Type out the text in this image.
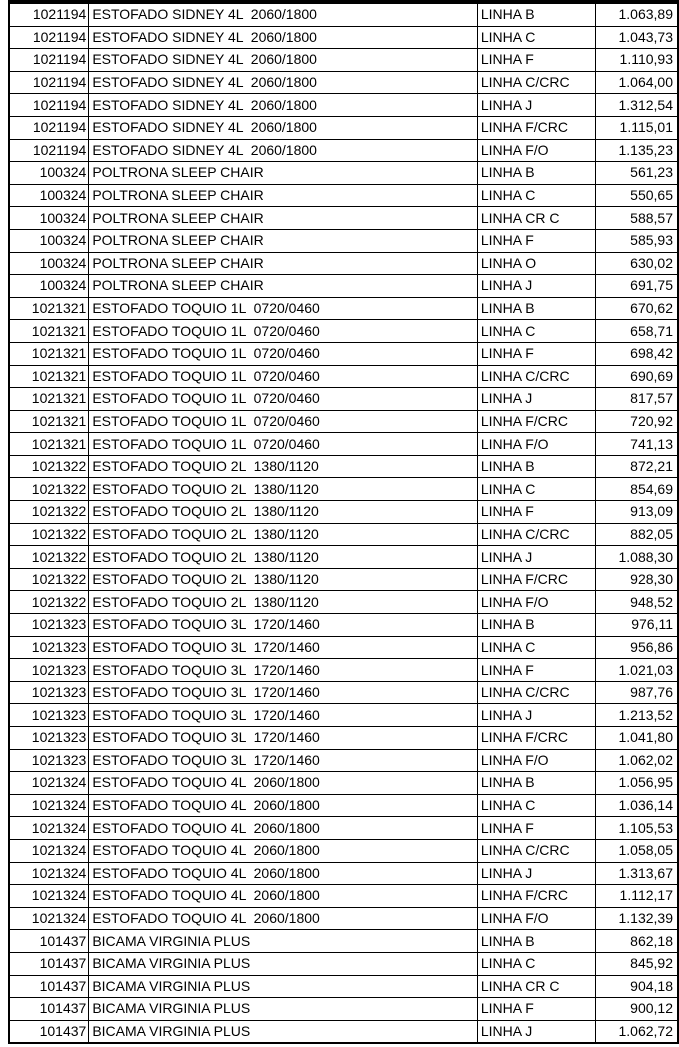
1021194	ESTOFADO SIDNEY 4L  2060/1800	LINHA B	1.063,89
1021194	ESTOFADO SIDNEY 4L  2060/1800	LINHA C	1.043,73
1021194	ESTOFADO SIDNEY 4L  2060/1800	LINHA F	1.110,93
1021194	ESTOFADO SIDNEY 4L  2060/1800	LINHA C/CRC	1.064,00
1021194	ESTOFADO SIDNEY 4L  2060/1800	LINHA J	1.312,54
1021194	ESTOFADO SIDNEY 4L  2060/1800	LINHA F/CRC	1.115,01
1021194	ESTOFADO SIDNEY 4L  2060/1800	LINHA F/O	1.135,23
100324	POLTRONA SLEEP CHAIR	LINHA B	561,23
100324	POLTRONA SLEEP CHAIR	LINHA C	550,65
100324	POLTRONA SLEEP CHAIR	LINHA CR C	588,57
100324	POLTRONA SLEEP CHAIR	LINHA F	585,93
100324	POLTRONA SLEEP CHAIR	LINHA O	630,02
100324	POLTRONA SLEEP CHAIR	LINHA J	691,75
1021321	ESTOFADO TOQUIO 1L  0720/0460	LINHA B	670,62
1021321	ESTOFADO TOQUIO 1L  0720/0460	LINHA C	658,71
1021321	ESTOFADO TOQUIO 1L  0720/0460	LINHA F	698,42
1021321	ESTOFADO TOQUIO 1L  0720/0460	LINHA C/CRC	690,69
1021321	ESTOFADO TOQUIO 1L  0720/0460	LINHA J	817,57
1021321	ESTOFADO TOQUIO 1L  0720/0460	LINHA F/CRC	720,92
1021321	ESTOFADO TOQUIO 1L  0720/0460	LINHA F/O	741,13
1021322	ESTOFADO TOQUIO 2L  1380/1120	LINHA B	872,21
1021322	ESTOFADO TOQUIO 2L  1380/1120	LINHA C	854,69
1021322	ESTOFADO TOQUIO 2L  1380/1120	LINHA F	913,09
1021322	ESTOFADO TOQUIO 2L  1380/1120	LINHA C/CRC	882,05
1021322	ESTOFADO TOQUIO 2L  1380/1120	LINHA J	1.088,30
1021322	ESTOFADO TOQUIO 2L  1380/1120	LINHA F/CRC	928,30
1021322	ESTOFADO TOQUIO 2L  1380/1120	LINHA F/O	948,52
1021323	ESTOFADO TOQUIO 3L  1720/1460	LINHA B	976,11
1021323	ESTOFADO TOQUIO 3L  1720/1460	LINHA C	956,86
1021323	ESTOFADO TOQUIO 3L  1720/1460	LINHA F	1.021,03
1021323	ESTOFADO TOQUIO 3L  1720/1460	LINHA C/CRC	987,76
1021323	ESTOFADO TOQUIO 3L  1720/1460	LINHA J	1.213,52
1021323	ESTOFADO TOQUIO 3L  1720/1460	LINHA F/CRC	1.041,80
1021323	ESTOFADO TOQUIO 3L  1720/1460	LINHA F/O	1.062,02
1021324	ESTOFADO TOQUIO 4L  2060/1800	LINHA B	1.056,95
1021324	ESTOFADO TOQUIO 4L  2060/1800	LINHA C	1.036,14
1021324	ESTOFADO TOQUIO 4L  2060/1800	LINHA F	1.105,53
1021324	ESTOFADO TOQUIO 4L  2060/1800	LINHA C/CRC	1.058,05
1021324	ESTOFADO TOQUIO 4L  2060/1800	LINHA J	1.313,67
1021324	ESTOFADO TOQUIO 4L  2060/1800	LINHA F/CRC	1.112,17
1021324	ESTOFADO TOQUIO 4L  2060/1800	LINHA F/O	1.132,39
101437	BICAMA VIRGINIA PLUS	LINHA B	862,18
101437	BICAMA VIRGINIA PLUS	LINHA C	845,92
101437	BICAMA VIRGINIA PLUS	LINHA CR C	904,18
101437	BICAMA VIRGINIA PLUS	LINHA F	900,12
101437	BICAMA VIRGINIA PLUS	LINHA J	1.062,72
